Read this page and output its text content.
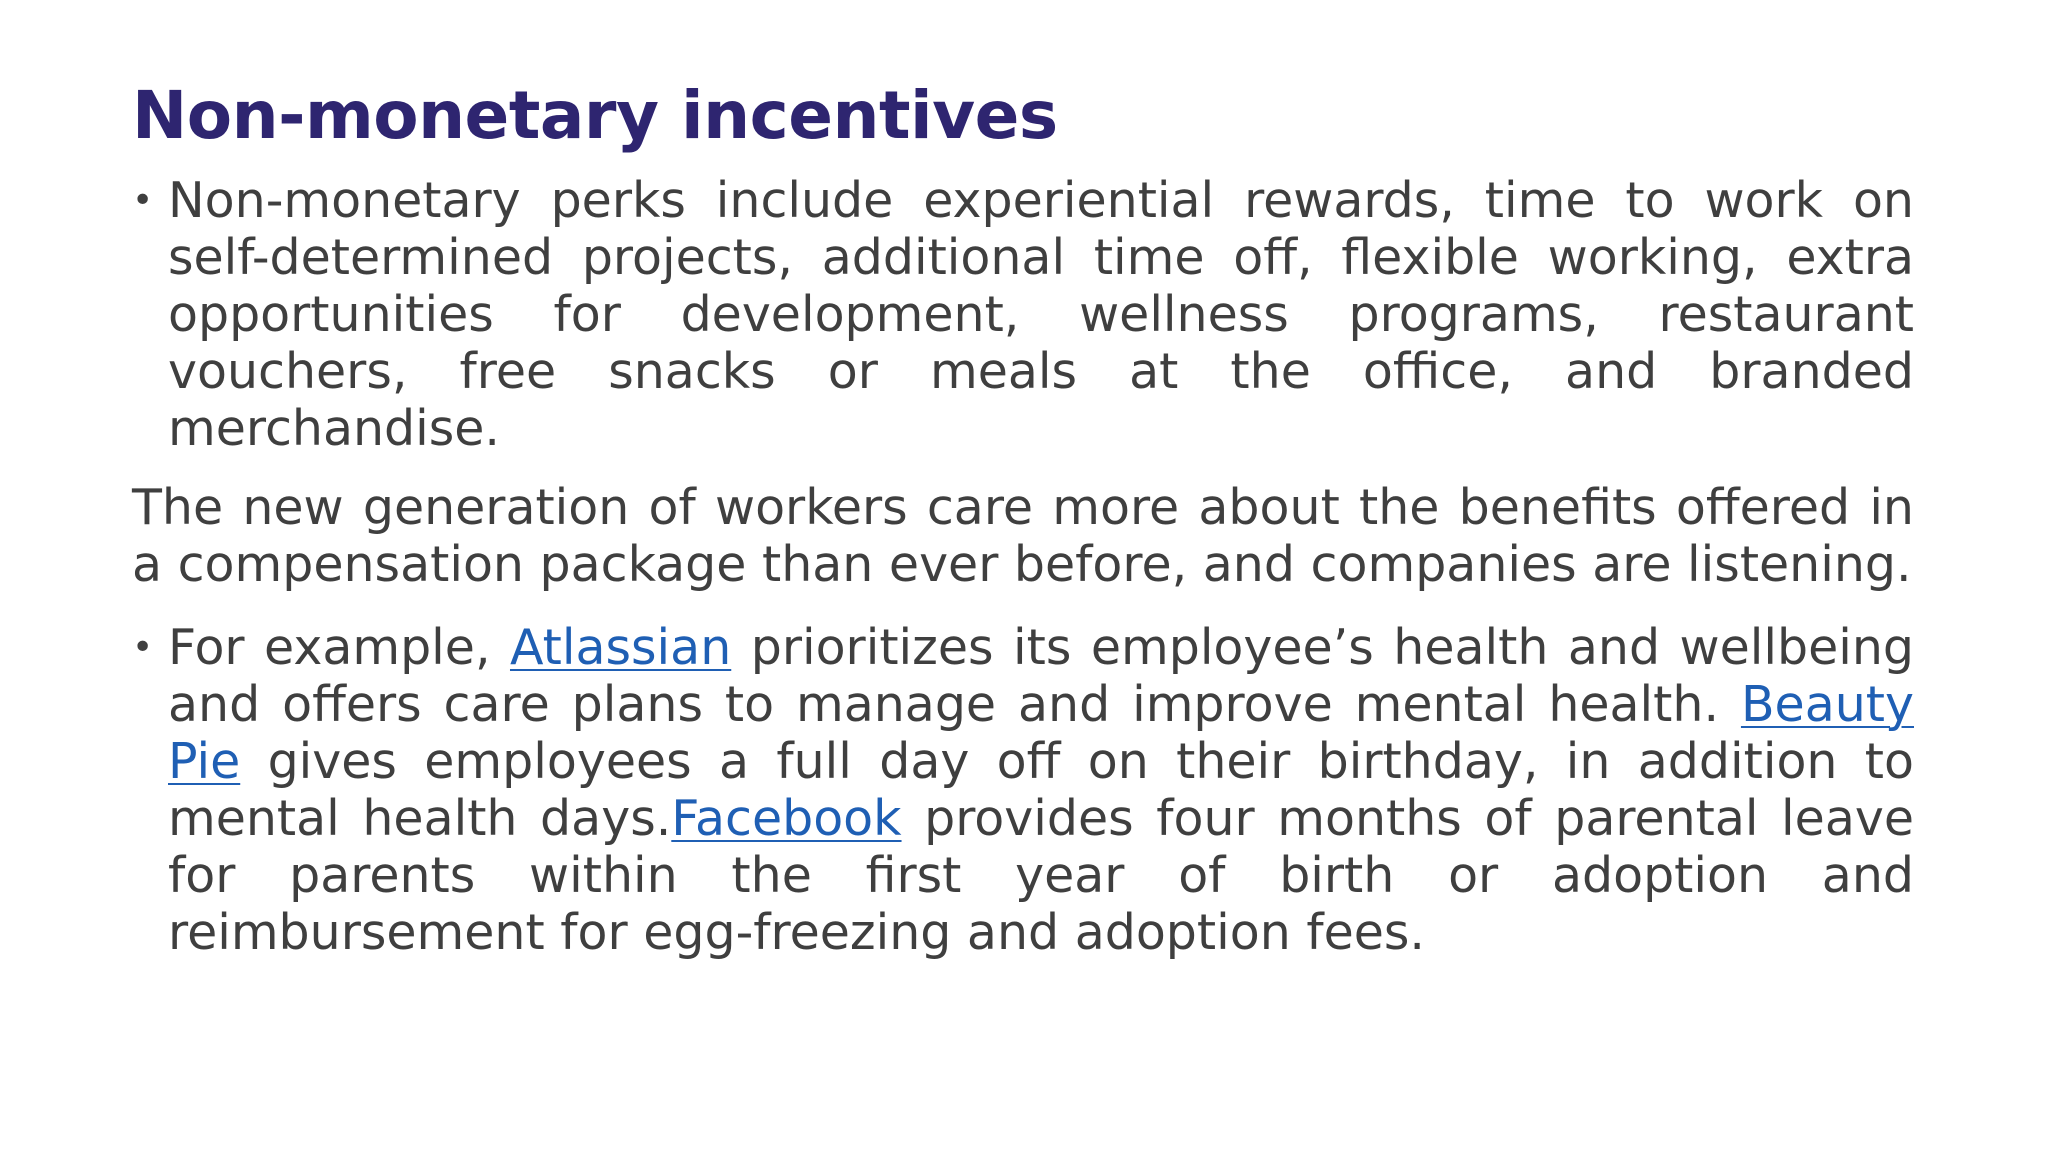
Non-monetary incentives

• Non-monetary perks include experiential rewards, time to work on self-determined projects, additional time off, flexible working, extra opportunities for development, wellness programs, restaurant vouchers, free snacks or meals at the office, and branded merchandise.

The new generation of workers care more about the benefits offered in a compensation package than ever before, and companies are listening.

• For example, Atlassian prioritizes its employee’s health and wellbeing and offers care plans to manage and improve mental health. Beauty Pie gives employees a full day off on their birthday, in addition to mental health days.Facebook provides four months of parental leave for parents within the first year of birth or adoption and reimbursement for egg-freezing and adoption fees.
